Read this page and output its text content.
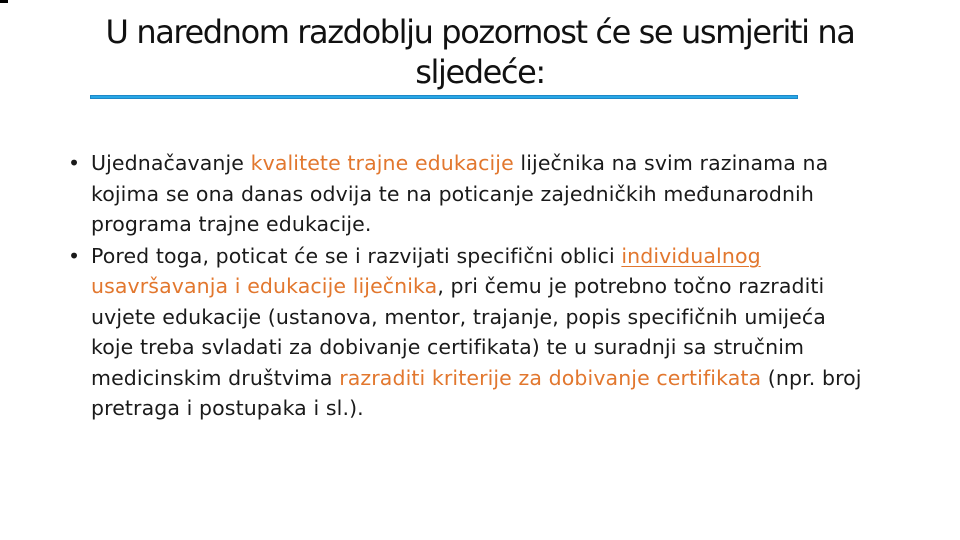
U narednom razdoblju pozornost će se usmjeriti na sljedeće:

• Ujednačavanje kvalitete trajne edukacije liječnika na svim razinama na kojima se ona danas odvija te na poticanje zajedničkih međunarodnih programa trajne edukacije.

• Pored toga, poticat će se i razvijati specifični oblici individualnog usavršavanja i edukacije liječnika, pri čemu je potrebno točno razraditi uvjete edukacije (ustanova, mentor, trajanje, popis specifičnih umijeća koje treba svladati za dobivanje certifikata) te u suradnji sa stručnim medicinskim društvima razraditi kriterije za dobivanje certifikata (npr. broj pretraga i postupaka i sl.).
